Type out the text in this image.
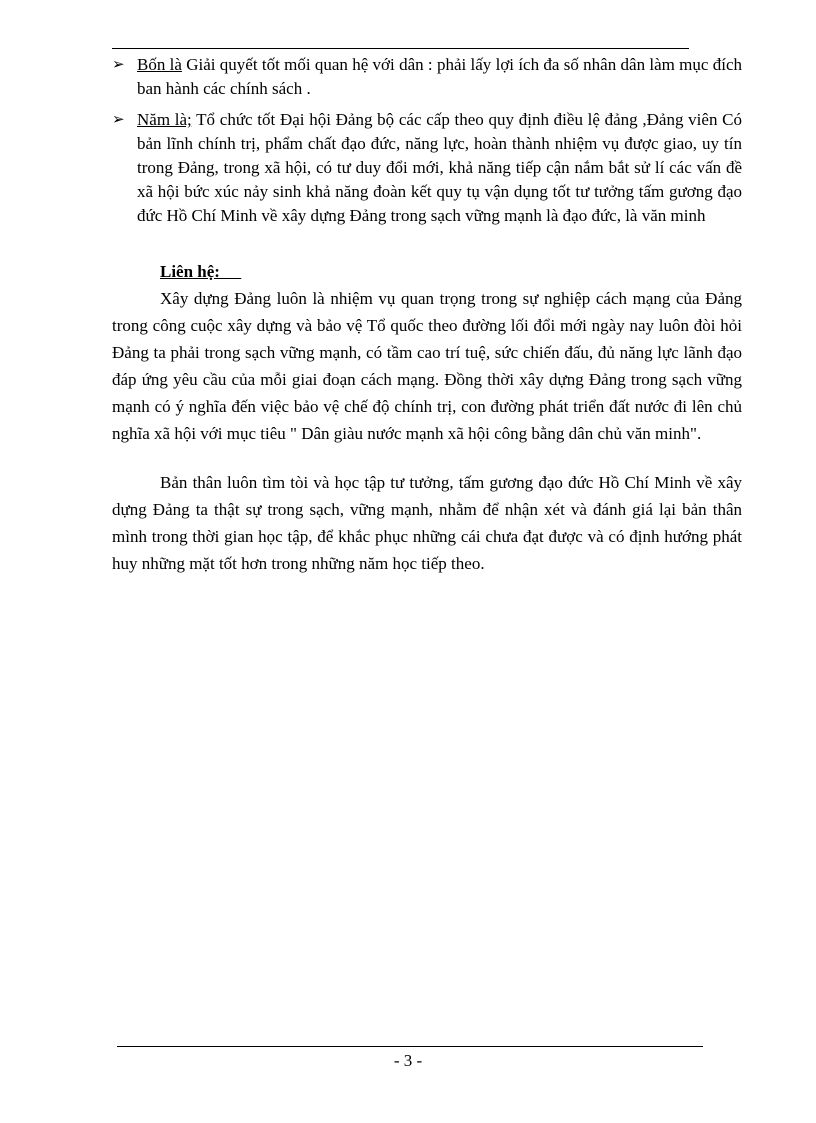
➢ Bốn là Giải quyết tốt mối quan hệ với dân : phải lấy lợi ích đa số nhân dân làm mục đích ban hành các chính sách .
➢ Năm là; Tổ chức tốt Đại hội Đảng bộ các cấp theo quy định điều lệ đảng ,Đảng viên Có bản lĩnh chính trị, phẩm chất đạo đức, năng lực, hoàn thành nhiệm vụ được giao, uy tín trong Đảng, trong xã hội, có tư duy đổi mới, khả năng tiếp cận nắm bắt sử lí các vấn đề xã hội bức xúc nảy sinh khả năng đoàn kết quy tụ vận dụng tốt tư tưởng tấm gương đạo đức Hồ Chí Minh về xây dựng Đảng trong sạch vững mạnh là đạo đức, là văn minh
Liên hệ:

Xây dựng Đảng luôn là nhiệm vụ quan trọng trong sự nghiệp cách mạng của Đảng trong công cuộc xây dựng và bảo vệ Tổ quốc theo đường lối đổi mới ngày nay luôn đòi hỏi Đảng ta phải trong sạch vững mạnh, có tầm cao trí tuệ, sức chiến đấu, đủ năng lực lãnh đạo đáp ứng yêu cầu của mỗi giai đoạn cách mạng. Đồng thời xây dựng Đảng trong sạch vững mạnh có ý nghĩa đến việc bảo vệ chế độ chính trị, con đường phát triển đất nước đi lên chủ nghĩa xã hội với mục tiêu " Dân giàu nước mạnh xã hội công bằng dân chủ văn minh".

Bản thân luôn tìm tòi và học tập tư tưởng, tấm gương đạo đức Hồ Chí Minh về xây dựng Đảng ta thật sự trong sạch, vững mạnh, nhằm để nhận xét và đánh giá lại bản thân mình trong thời gian học tập, để khắc phục những cái chưa đạt được và có định hướng phát huy những mặt tốt hơn trong những năm học tiếp theo.

- 3 -
